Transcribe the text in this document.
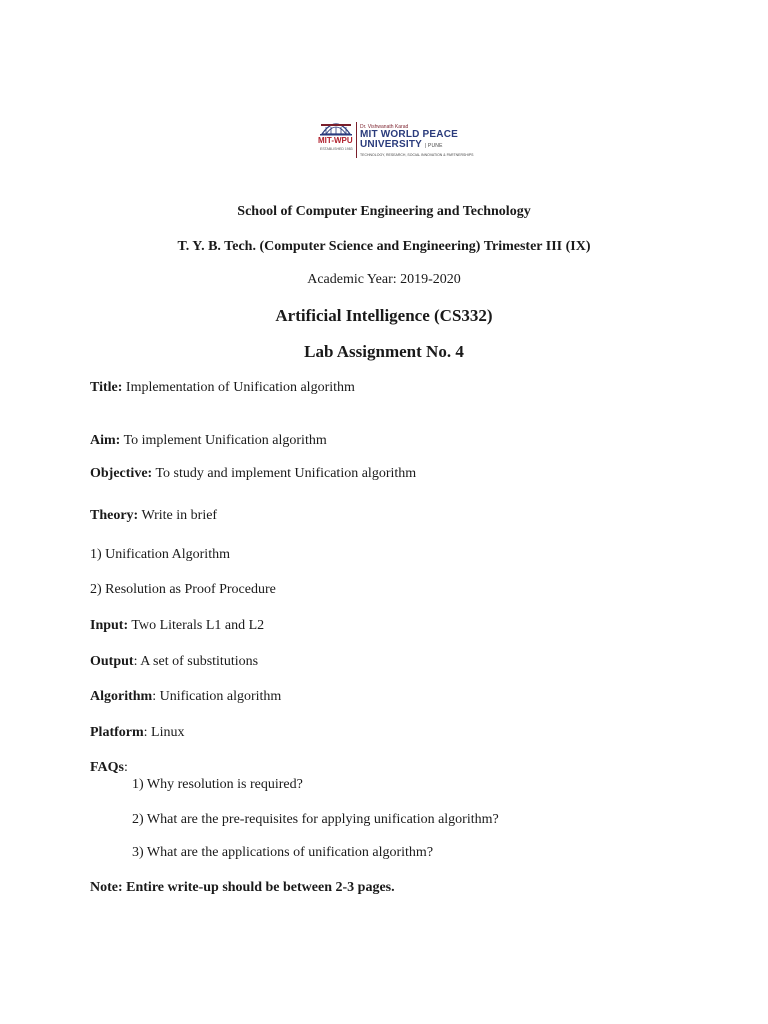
MIT-WPU
ESTABLISHED 1983
Dr. Vishwanath Karad
MIT WORLD PEACE
UNIVERSITY | PUNE
TECHNOLOGY, RESEARCH, SOCIAL INNOVATION & PARTNERSHIPS
School of Computer Engineering and Technology
T. Y. B. Tech. (Computer Science and Engineering) Trimester III (IX)
Academic Year: 2019-2020
Artificial Intelligence (CS332)
Lab Assignment No. 4
Title: Implementation of Unification algorithm
Aim: To implement Unification algorithm
Objective: To study and implement Unification algorithm
Theory: Write in brief
1) Unification Algorithm
2) Resolution as Proof Procedure
Input: Two Literals L1 and L2
Output: A set of substitutions
Algorithm: Unification algorithm
Platform: Linux
FAQs:
1) Why resolution is required?
2) What are the pre-requisites for applying unification algorithm?
3) What are the applications of unification algorithm?
Note: Entire write-up should be between 2-3 pages.
